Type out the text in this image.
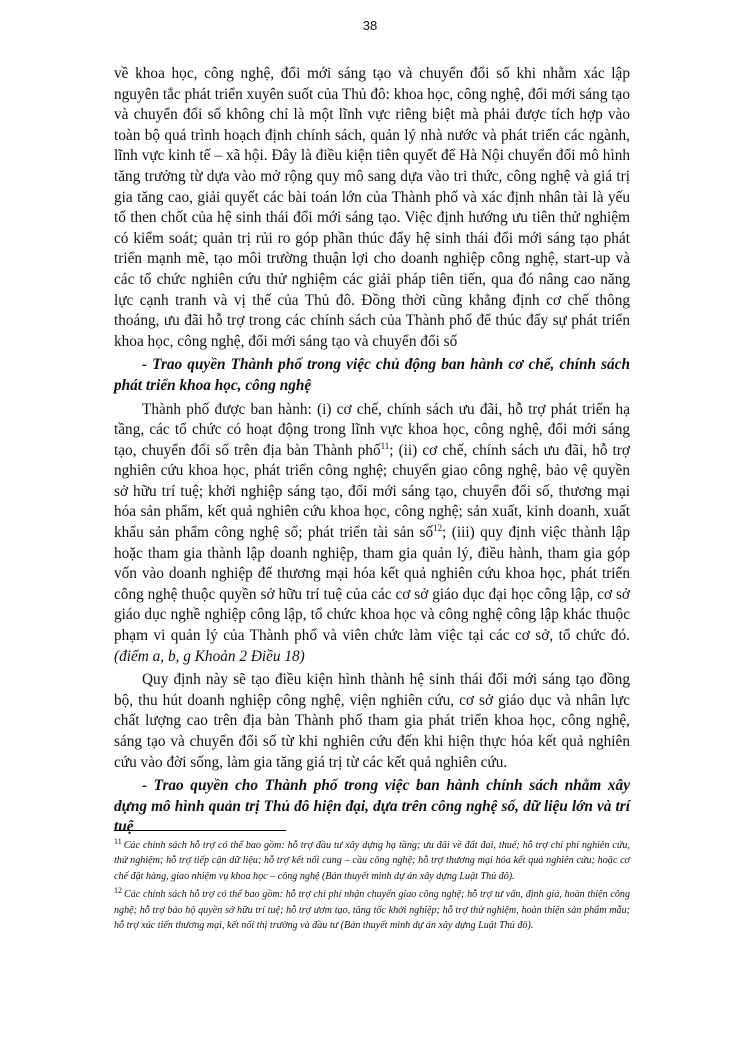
38

về khoa học, công nghệ, đổi mới sáng tạo và chuyển đổi số khi nhằm xác lập nguyên tắc phát triển xuyên suốt của Thủ đô: khoa học, công nghệ, đổi mới sáng tạo và chuyển đổi số không chỉ là một lĩnh vực riêng biệt mà phải được tích hợp vào toàn bộ quá trình hoạch định chính sách, quản lý nhà nước và phát triển các ngành, lĩnh vực kinh tế – xã hội. Đây là điều kiện tiên quyết để Hà Nội chuyển đổi mô hình tăng trưởng từ dựa vào mở rộng quy mô sang dựa vào tri thức, công nghệ và giá trị gia tăng cao, giải quyết các bài toán lớn của Thành phố và xác định nhân tài là yếu tố then chốt của hệ sinh thái đổi mới sáng tạo. Việc định hướng ưu tiên thử nghiệm có kiểm soát; quản trị rủi ro góp phần thúc đẩy hệ sinh thái đổi mới sáng tạo phát triển mạnh mẽ, tạo môi trường thuận lợi cho doanh nghiệp công nghệ, start-up và các tổ chức nghiên cứu thử nghiệm các giải pháp tiên tiến, qua đó nâng cao năng lực cạnh tranh và vị thế của Thủ đô. Đồng thời cũng khẳng định cơ chế thông thoáng, ưu đãi hỗ trợ trong các chính sách của Thành phố để thúc đẩy sự phát triển khoa học, công nghệ, đổi mới sáng tạo và chuyển đổi số

- Trao quyền Thành phố trong việc chủ động ban hành cơ chế, chính sách phát triển khoa học, công nghệ

Thành phố được ban hành: (i) cơ chế, chính sách ưu đãi, hỗ trợ phát triển hạ tầng, các tổ chức có hoạt động trong lĩnh vực khoa học, công nghệ, đổi mới sáng tạo, chuyển đổi số trên địa bàn Thành phố$^{11}$; (ii) cơ chế, chính sách ưu đãi, hỗ trợ nghiên cứu khoa học, phát triển công nghệ; chuyển giao công nghệ, bảo vệ quyền sở hữu trí tuệ; khởi nghiệp sáng tạo, đổi mới sáng tạo, chuyển đổi số, thương mại hóa sản phẩm, kết quả nghiên cứu khoa học, công nghệ; sản xuất, kinh doanh, xuất khẩu sản phẩm công nghệ số; phát triển tài sản số$^{12}$; (iii) quy định việc thành lập hoặc tham gia thành lập doanh nghiệp, tham gia quản lý, điều hành, tham gia góp vốn vào doanh nghiệp để thương mại hóa kết quả nghiên cứu khoa học, phát triển công nghệ thuộc quyền sở hữu trí tuệ của các cơ sở giáo dục đại học công lập, cơ sở giáo dục nghề nghiệp công lập, tổ chức khoa học và công nghệ công lập khác thuộc phạm vi quản lý của Thành phố và viên chức làm việc tại các cơ sở, tổ chức đó. (điểm a, b, g Khoản 2 Điều 18)

Quy định này sẽ tạo điều kiện hình thành hệ sinh thái đổi mới sáng tạo đồng bộ, thu hút doanh nghiệp công nghệ, viện nghiên cứu, cơ sở giáo dục và nhân lực chất lượng cao trên địa bàn Thành phố tham gia phát triển khoa học, công nghệ, sáng tạo và chuyển đổi số từ khi nghiên cứu đến khi hiện thực hóa kết quả nghiên cứu vào đời sống, làm gia tăng giá trị từ các kết quả nghiên cứu.

- Trao quyền cho Thành phố trong việc ban hành chính sách nhằm xây dựng mô hình quản trị Thủ đô hiện đại, dựa trên công nghệ số, dữ liệu lớn và trí tuệ

$^{11}$ Các chính sách hỗ trợ có thể bao gồm: hỗ trợ đầu tư xây dựng hạ tầng; ưu đãi về đất đai, thuế; hỗ trợ chi phí nghiên cứu, thử nghiệm; hỗ trợ tiếp cận dữ liệu; hỗ trợ kết nối cung – cầu công nghệ; hỗ trợ thương mại hóa kết quả nghiên cứu; hoặc cơ chế đặt hàng, giao nhiệm vụ khoa học – công nghệ (Bản thuyết minh dự án xây dựng Luật Thủ đô).

$^{12}$ Các chính sách hỗ trợ có thể bao gồm: hỗ trợ chi phí nhận chuyển giao công nghệ; hỗ trợ tư vấn, định giá, hoàn thiện công nghệ; hỗ trợ bảo hộ quyền sở hữu trí tuệ; hỗ trợ ươm tạo, tăng tốc khởi nghiệp; hỗ trợ thử nghiệm, hoàn thiện sản phẩm mẫu; hỗ trợ xúc tiến thương mại, kết nối thị trường và đầu tư (Bản thuyết minh dự án xây dựng Luật Thủ đô).
